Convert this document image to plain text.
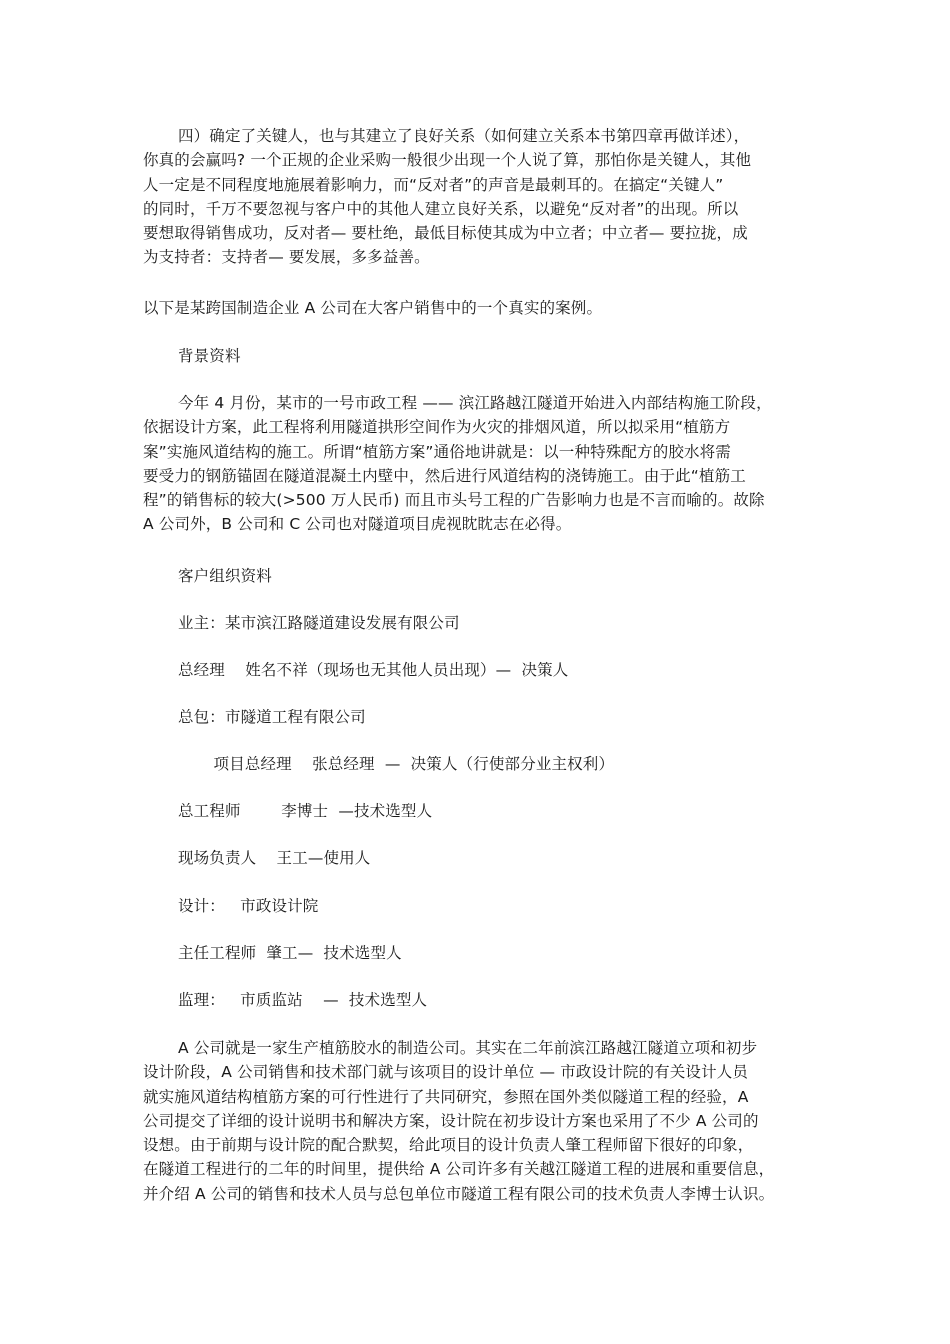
四）确定了关键人，也与其建立了良好关系（如何建立关系本书第四章再做详述），
你真的会赢吗? 一个正规的企业采购一般很少出现一个人说了算，那怕你是关键人，其他
人一定是不同程度地施展着影响力，而“反对者”的声音是最刺耳的。在搞定“关键人”
的同时，千万不要忽视与客户中的其他人建立良好关系，以避免“反对者”的出现。所以
要想取得销售成功，反对者— 要杜绝，最低目标使其成为中立者；中立者— 要拉拢，成
为支持者：支持者— 要发展，多多益善。
以下是某跨国制造企业 A 公司在大客户销售中的一个真实的案例。
背景资料
今年 4 月份，某市的一号市政工程 —— 滨江路越江隧道开始进入内部结构施工阶段，
依据设计方案，此工程将利用隧道拱形空间作为火灾的排烟风道，所以拟采用“植筋方
案”实施风道结构的施工。所谓“植筋方案”通俗地讲就是：以一种特殊配方的胶水将需
要受力的钢筋锚固在隧道混凝土内壁中，然后进行风道结构的浇铸施工。由于此“植筋工
程”的销售标的较大(>500 万人民币) 而且市头号工程的广告影响力也是不言而喻的。故除
A 公司外，B 公司和 C 公司也对隧道项目虎视眈眈志在必得。
客户组织资料
业主：某市滨江路隧道建设发展有限公司
总经理    姓名不祥（现场也无其他人员出现）—  决策人
总包：市隧道工程有限公司
项目总经理    张总经理  —  决策人（行使部分业主权利）
总工程师        李博士  —技术选型人
现场负责人    王工—使用人
设计：   市政设计院
主任工程师  肇工—  技术选型人
监理：   市质监站    —  技术选型人
A 公司就是一家生产植筋胶水的制造公司。其实在二年前滨江路越江隧道立项和初步
设计阶段，A 公司销售和技术部门就与该项目的设计单位 — 市政设计院的有关设计人员
就实施风道结构植筋方案的可行性进行了共同研究，参照在国外类似隧道工程的经验，A
公司提交了详细的设计说明书和解决方案，设计院在初步设计方案也采用了不少 A 公司的
设想。由于前期与设计院的配合默契，给此项目的设计负责人肇工程师留下很好的印象，
在隧道工程进行的二年的时间里，提供给 A 公司许多有关越江隧道工程的进展和重要信息，
并介绍 A 公司的销售和技术人员与总包单位市隧道工程有限公司的技术负责人李博士认识。
